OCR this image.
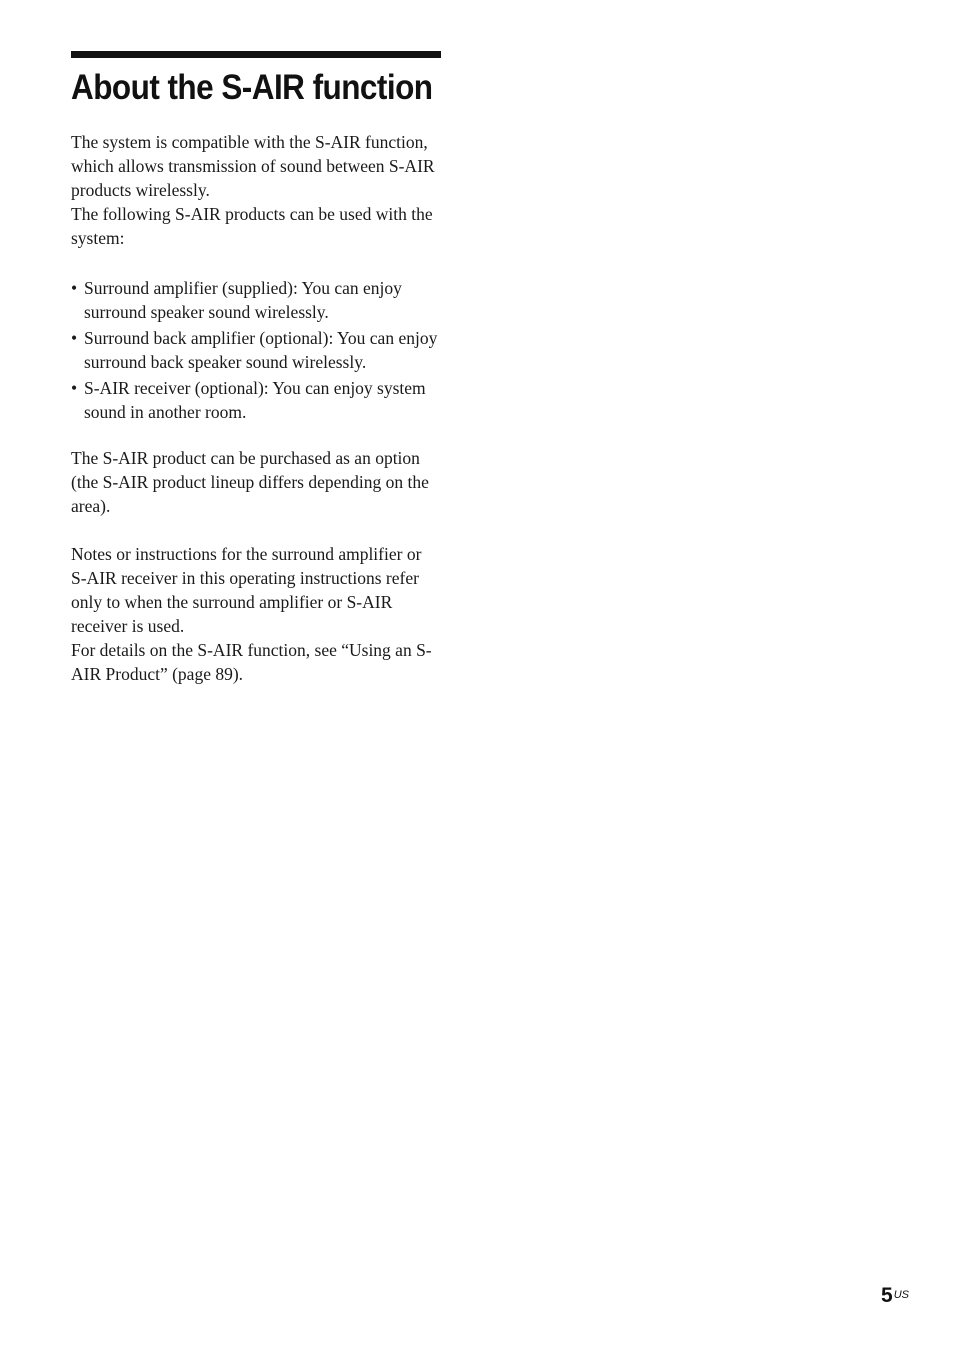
About the S-AIR function

The system is compatible with the S-AIR function, which allows transmission of sound between S-AIR products wirelessly.
The following S-AIR products can be used with the system:

• Surround amplifier (supplied): You can enjoy surround speaker sound wirelessly.
• Surround back amplifier (optional): You can enjoy surround back speaker sound wirelessly.
• S-AIR receiver (optional): You can enjoy system sound in another room.

The S-AIR product can be purchased as an option (the S-AIR product lineup differs depending on the area).

Notes or instructions for the surround amplifier or S-AIR receiver in this operating instructions refer only to when the surround amplifier or S-AIR receiver is used.
For details on the S-AIR function, see “Using an S-AIR Product” (page 89).

$5^{US}$
